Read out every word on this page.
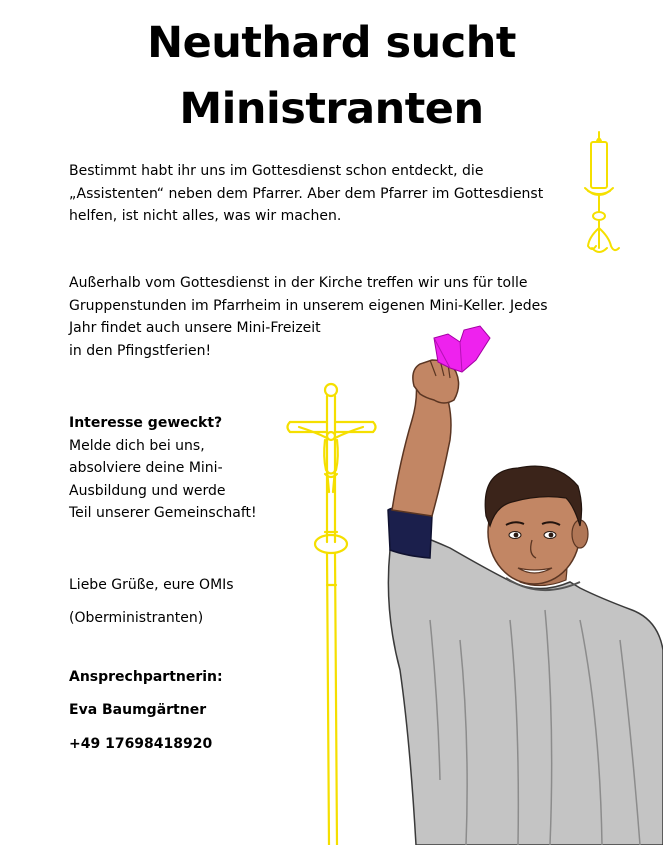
Neuthard sucht
Ministranten
Bestimmt habt ihr uns im Gottesdienst schon entdeckt, die
„Assistenten“ neben dem Pfarrer. Aber dem Pfarrer im Gottesdienst
helfen, ist nicht alles, was wir machen.
Außerhalb vom Gottesdienst in der Kirche treffen wir uns für tolle
Gruppenstunden im Pfarrheim in unserem eigenen Mini-Keller. Jedes
Jahr findet auch unsere Mini-Freizeit
in den Pfingstferien!
Interesse geweckt?
Melde dich bei uns,
absolviere deine Mini-
Ausbildung und werde
Teil unserer Gemeinschaft!
Liebe Grüße, eure OMIs
(Oberministranten)
Ansprechpartnerin:
Eva Baumgärtner
+49 17698418920
